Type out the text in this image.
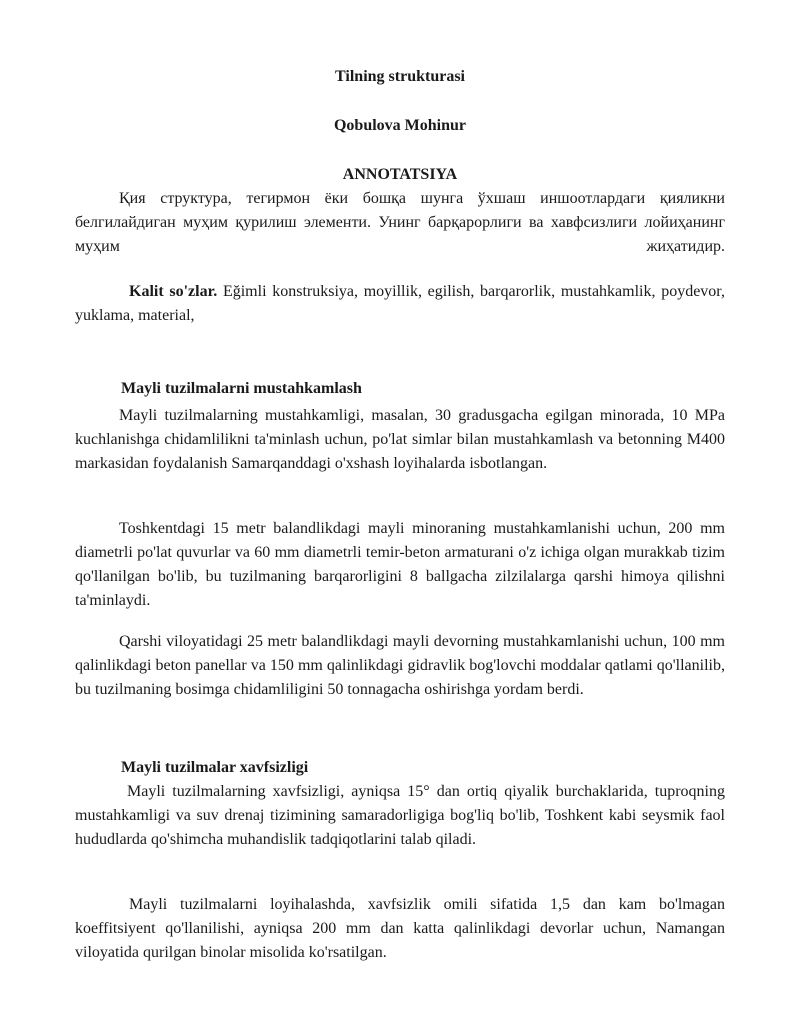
Tilning strukturasi
Qobulova Mohinur
ANNOTATSIYA

Қия структура, тегирмон ёки бошқа шунга ўхшаш иншоотлардаги қияликни белгилайдиган муҳим қурилиш элементи. Унинг барқарорлиги ва хавфсизлиги лойиҳанинг муҳим жиҳатидир.

Kalit so'zlar. Eğimli konstruksiya, moyillik, egilish, barqarorlik, mustahkamlik, poydevor, yuklama, material,

Mayli tuzilmalarni mustahkamlash

Mayli tuzilmalarning mustahkamligi, masalan, 30 gradusgacha egilgan minorada, 10 MPa kuchlanishga chidamlilikni ta'minlash uchun, po'lat simlar bilan mustahkamlash va betonning M400 markasidan foydalanish Samarqanddagi o'xshash loyihalarda isbotlangan.

Toshkentdagi 15 metr balandlikdagi mayli minoraning mustahkamlanishi uchun, 200 mm diametrli po'lat quvurlar va 60 mm diametrli temir-beton armaturani o'z ichiga olgan murakkab tizim qo'llanilgan bo'lib, bu tuzilmaning barqarorligini 8 ballgacha zilzilalarga qarshi himoya qilishni ta'minlaydi.

Qarshi viloyatidagi 25 metr balandlikdagi mayli devorning mustahkamlanishi uchun, 100 mm qalinlikdagi beton panellar va 150 mm qalinlikdagi gidravlik bog'lovchi moddalar qatlami qo'llanilib, bu tuzilmaning bosimga chidamliligini 50 tonnagacha oshirishga yordam berdi.

Mayli tuzilmalar xavfsizligi

Mayli tuzilmalarning xavfsizligi, ayniqsa 15° dan ortiq qiyalik burchaklarida, tuproqning mustahkamligi va suv drenaj tizimining samaradorligiga bog'liq bo'lib, Toshkent kabi seysmik faol hududlarda qo'shimcha muhandislik tadqiqotlarini talab qiladi.

Mayli tuzilmalarni loyihalashda, xavfsizlik omili sifatida 1,5 dan kam bo'lmagan koeffitsiyent qo'llanilishi, ayniqsa 200 mm dan katta qalinlikdagi devorlar uchun, Namangan viloyatida qurilgan binolar misolida ko'rsatilgan.
